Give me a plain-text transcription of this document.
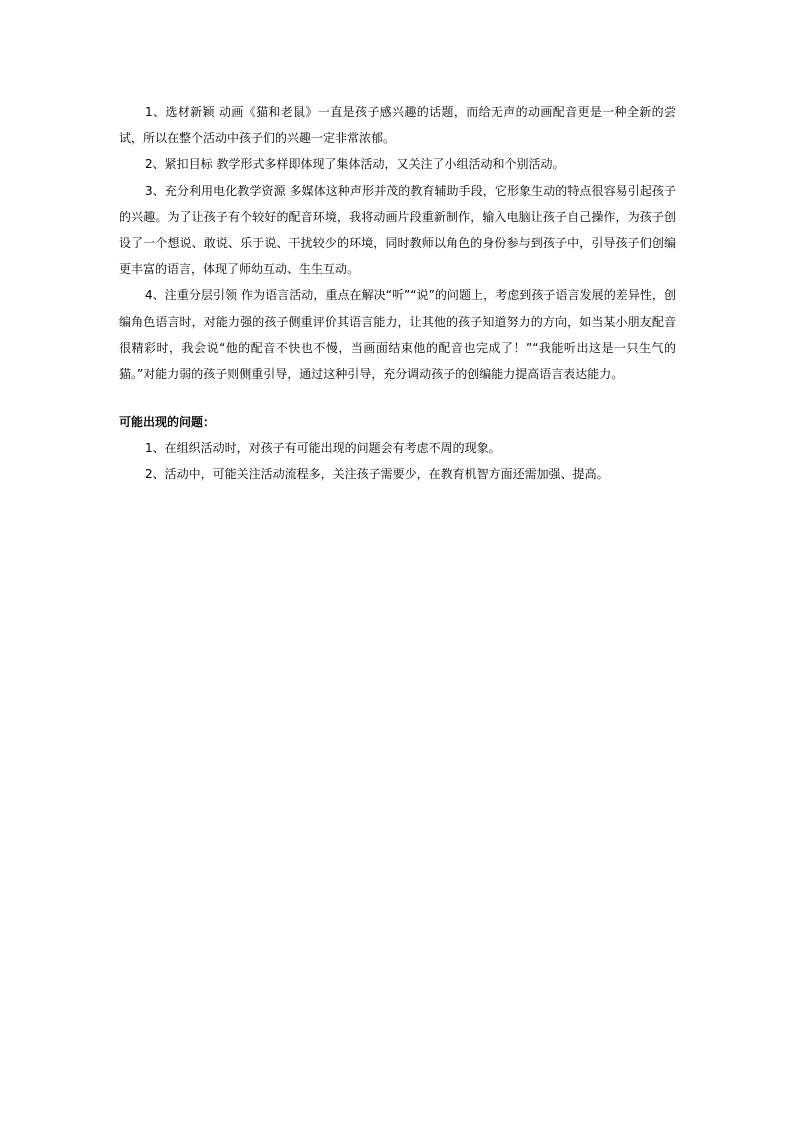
1、选材新颖 动画《猫和老鼠》一直是孩子感兴趣的话题，而给无声的动画配音更是一种全新的尝试，所以在整个活动中孩子们的兴趣一定非常浓郁。

2、紧扣目标 教学形式多样即体现了集体活动，又关注了小组活动和个别活动。

3、充分利用电化教学资源 多媒体这种声形并茂的教育辅助手段，它形象生动的特点很容易引起孩子的兴趣。为了让孩子有个较好的配音环境，我将动画片段重新制作，输入电脑让孩子自己操作，为孩子创设了一个想说、敢说、乐于说、干扰较少的环境，同时教师以角色的身份参与到孩子中，引导孩子们创编更丰富的语言，体现了师幼互动、生生互动。

4、注重分层引领 作为语言活动，重点在解决“听”“说”的问题上，考虑到孩子语言发展的差异性，创编角色语言时，对能力强的孩子侧重评价其语言能力，让其他的孩子知道努力的方向，如当某小朋友配音很精彩时，我会说“他的配音不快也不慢，当画面结束他的配音也完成了！”“我能听出这是一只生气的猫。”对能力弱的孩子则侧重引导，通过这种引导，充分调动孩子的创编能力提高语言表达能力。

可能出现的问题：

1、在组织活动时，对孩子有可能出现的问题会有考虑不周的现象。

2、活动中，可能关注活动流程多，关注孩子需要少，在教育机智方面还需加强、提高。
